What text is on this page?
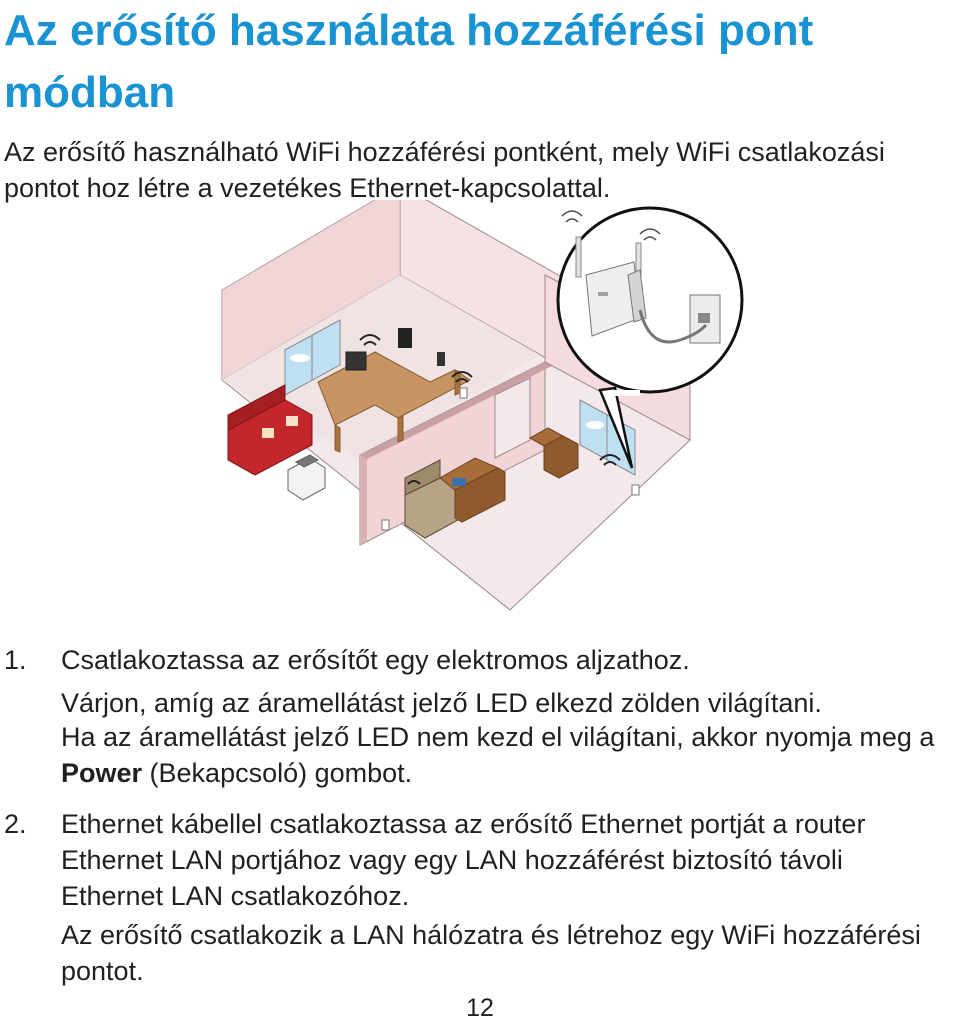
Az erősítő használata hozzáférési pont módban

Az erősítő használható WiFi hozzáférési pontként, mely WiFi csatlakozási pontot hoz létre a vezetékes Ethernet-kapcsolattal.

1. Csatlakoztassa az erősítőt egy elektromos aljzathoz.

Várjon, amíg az áramellátást jelző LED elkezd zölden világítani.

Ha az áramellátást jelző LED nem kezd el világítani, akkor nyomja meg a Power (Bekapcsoló) gombot.

2. Ethernet kábellel csatlakoztassa az erősítő Ethernet portját a router Ethernet LAN portjához vagy egy LAN hozzáférést biztosító távoli Ethernet LAN csatlakozóhoz.

Az erősítő csatlakozik a LAN hálózatra és létrehoz egy WiFi hozzáférési pontot.

12
